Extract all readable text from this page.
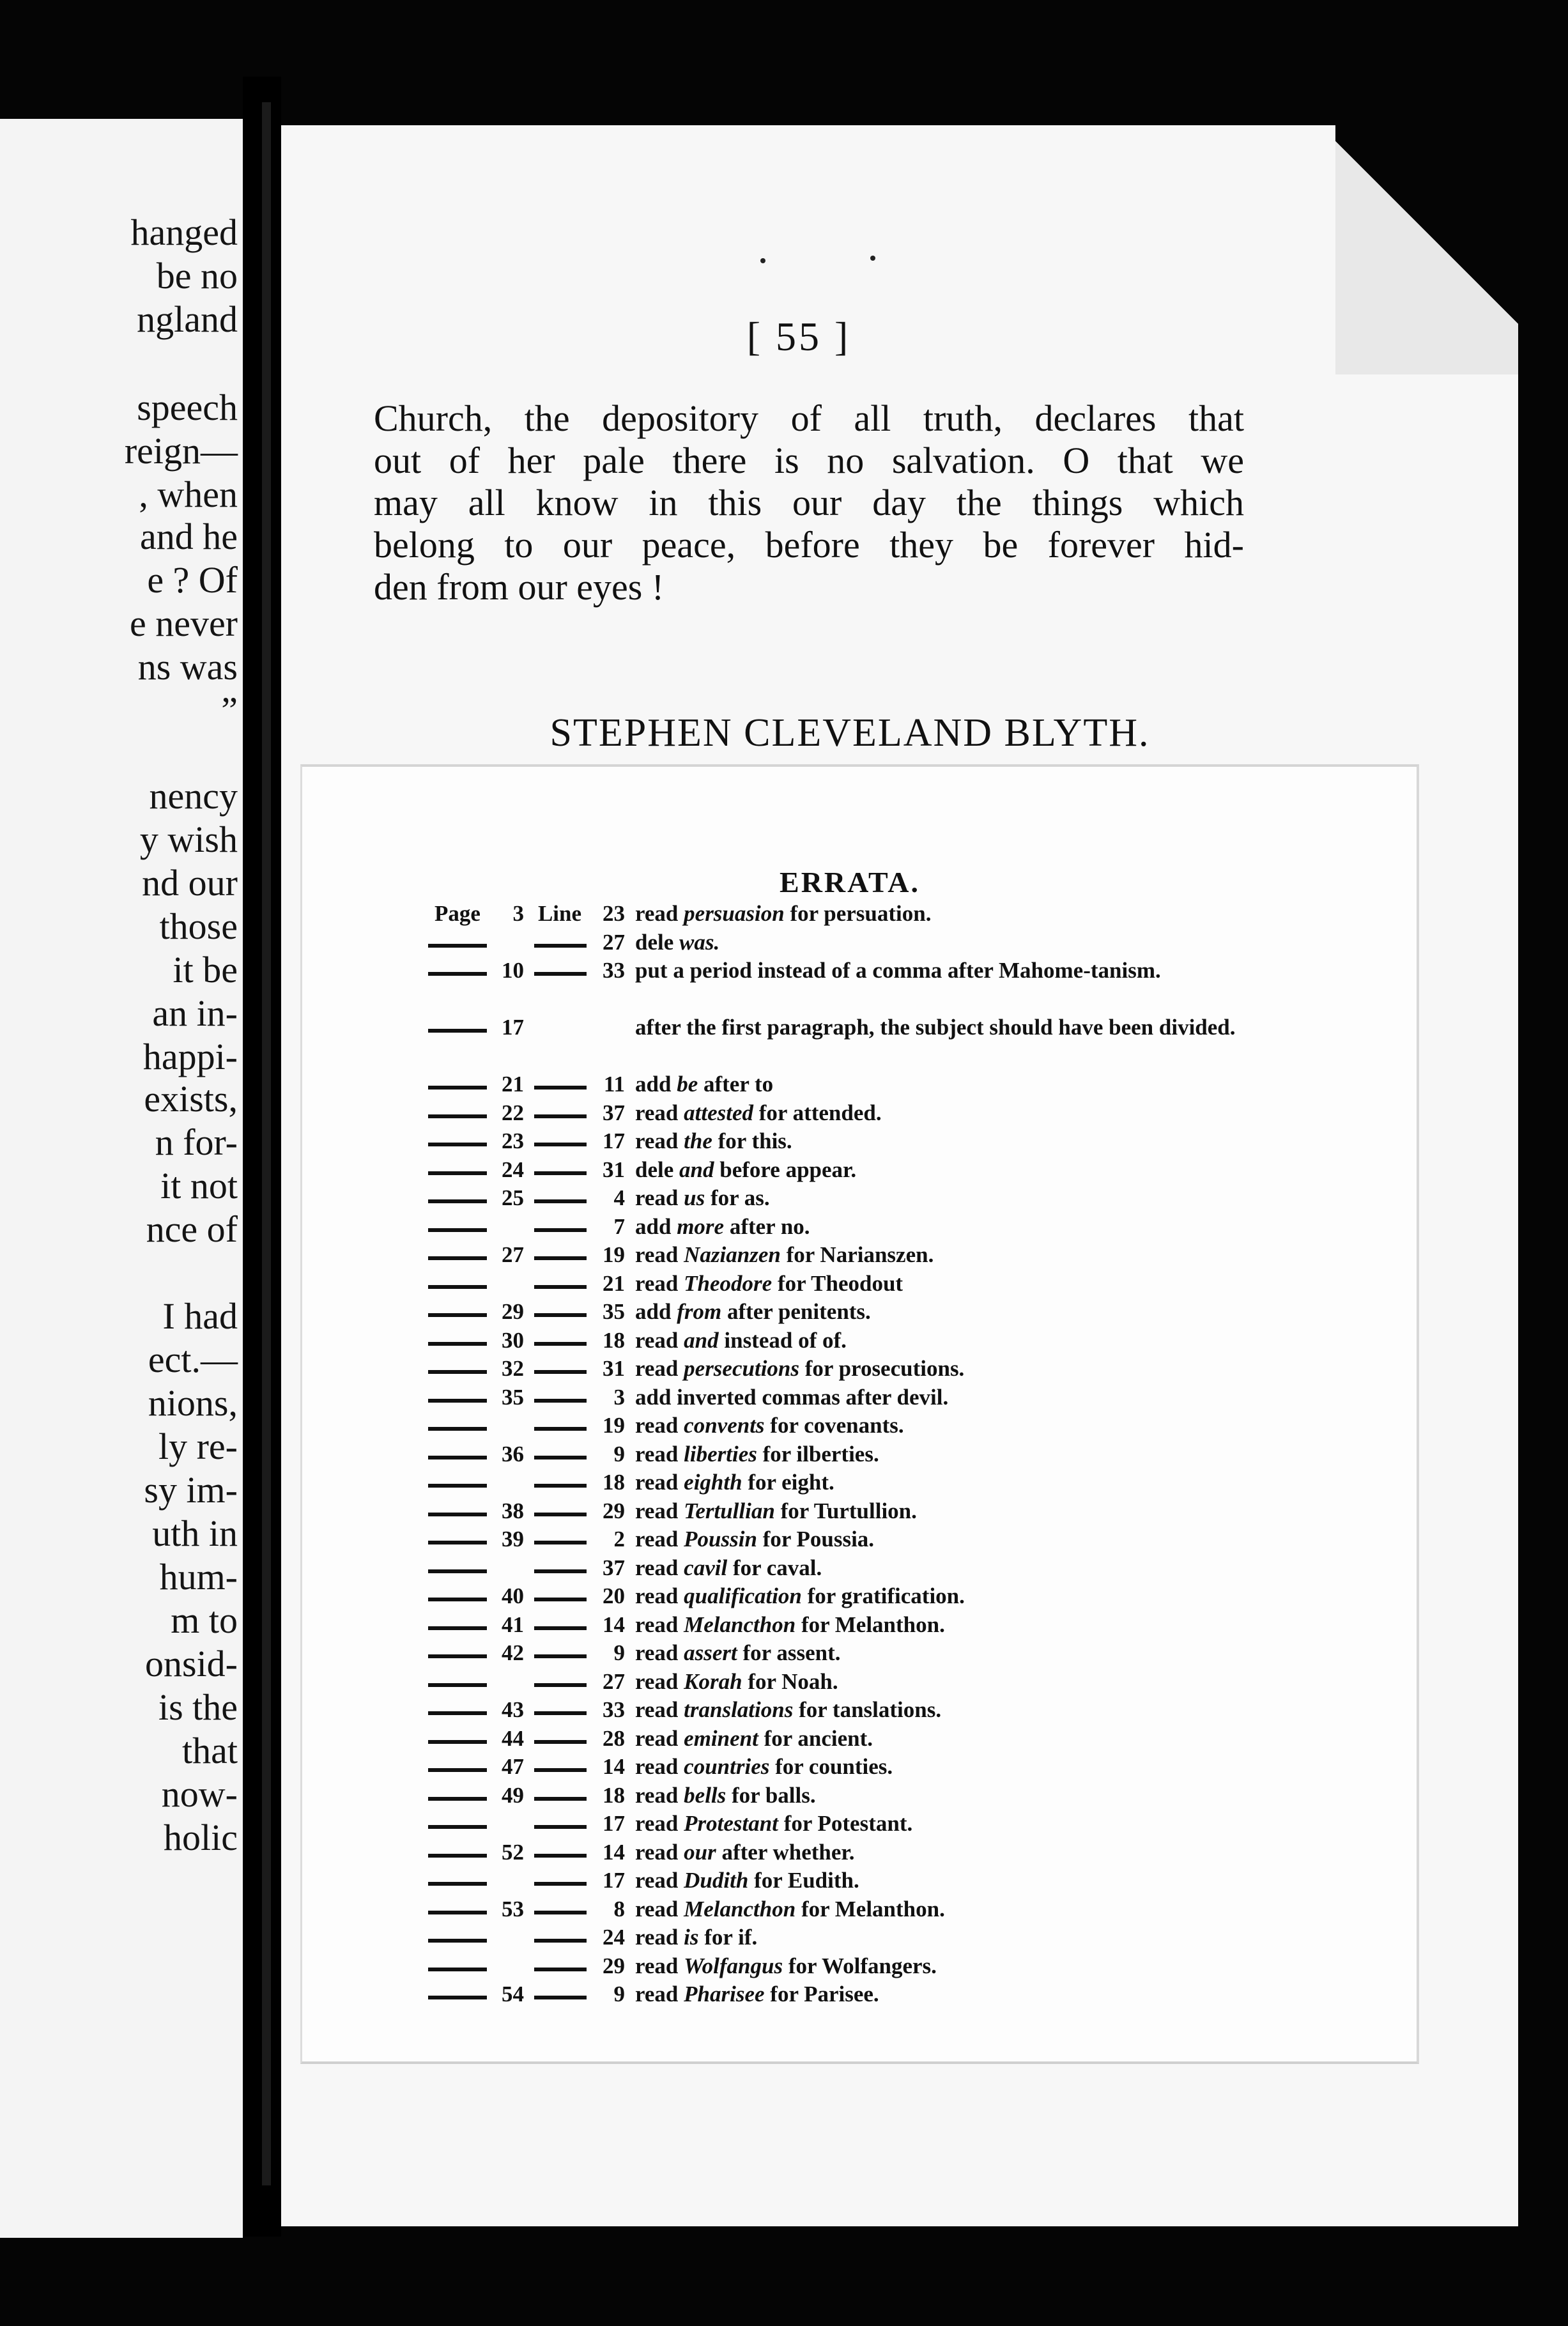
hanged
be no
ngland
speech
reign—
, when
and he
e ? Of
e never
ns was
”
nency
y wish
nd our
those
it be
an in-
happi-
exists,
n for-
it not
nce of
I had
ect.—
nions,
ly re-
sy im-
uth in
hum-
m to
onsid-
is the
that
now-
holic
[ 55 ]
Church, the depository of all truth, declares that
out of her pale there is no salvation. O that we
may all know in this our day the things which
belong to our peace, before they be forever hid-
den from our eyes !
STEPHEN CLEVELAND BLYTH.
ERRATA.
Page	3 Line 23 read persuasion for persuation.
27 dele was.
10	33 put a period instead of a comma after Mahome-tanism.
17	after the first paragraph, the subject should have been divided.
21	11 add be after to
22	37 read attested for attended.
23	17 read the for this.
24	31 dele and before appear.
25	4 read us for as.
7 add more after no.
27	19 read Nazianzen for Narianszen.
21 read Theodore for Theodout
29	35 add from after penitents.
30	18 read and instead of of.
32	31 read persecutions for prosecutions.
35	3 add inverted commas after devil.
19 read convents for covenants.
36	9 read liberties for ilberties.
18 read eighth for eight.
38	29 read Tertullian for Turtullion.
39	2 read Poussin for Poussia.
37 read cavil for caval.
40	20 read qualification for gratification.
41	14 read Melancthon for Melanthon.
42	9 read assert for assent.
27 read Korah for Noah.
43	33 read translations for tanslations.
44	28 read eminent for ancient.
47	14 read countries for counties.
49	18 read bells for balls.
17 read Protestant for Potestant.
52	14 read our after whether.
17 read Dudith for Eudith.
53	8 read Melancthon for Melanthon.
24 read is for if.
29 read Wolfangus for Wolfangers.
54	9 read Pharisee for Parisee.
